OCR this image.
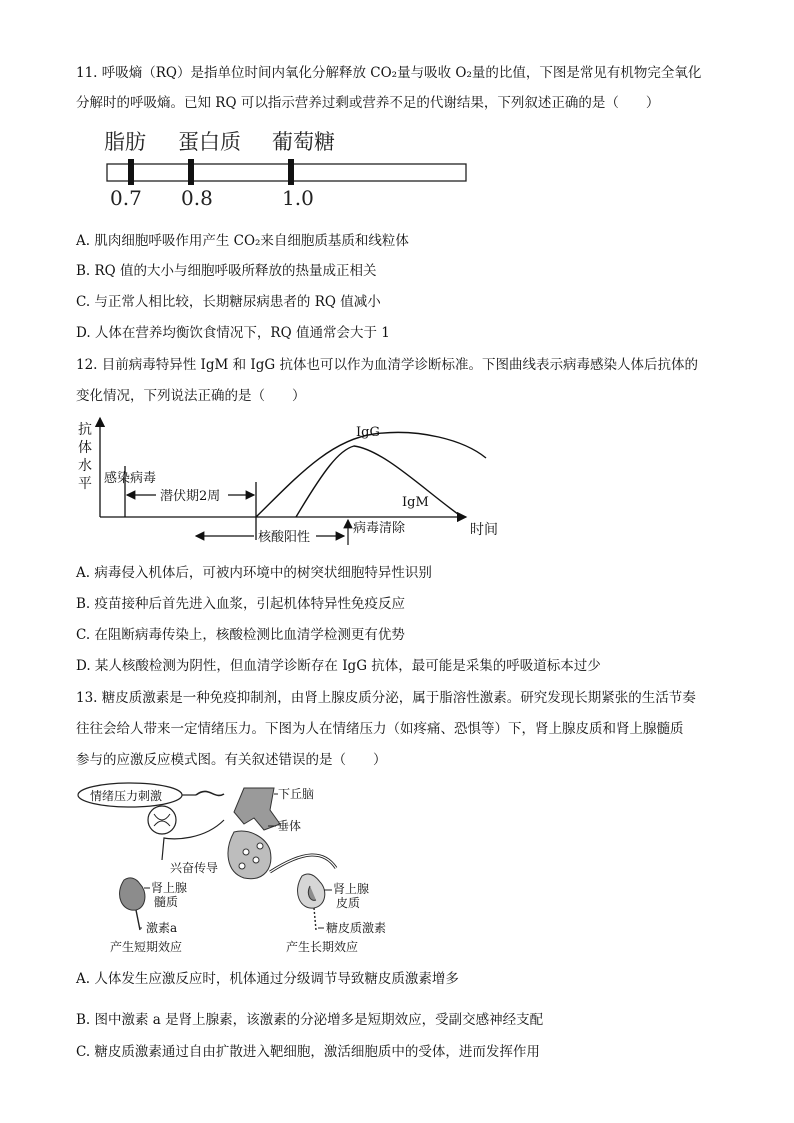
11. 呼吸熵（RQ）是指单位时间内氧化分解释放 CO₂量与吸收 O₂量的比值，下图是常见有机物完全氧化
分解时的呼吸熵。已知 RQ 可以指示营养过剩或营养不足的代谢结果，下列叙述正确的是（　　）
脂肪 蛋白质 葡萄糖
0.7 0.8	1.0
A. 肌肉细胞呼吸作用产生 CO₂来自细胞质基质和线粒体
B. RQ 值的大小与细胞呼吸所释放的热量成正相关
C. 与正常人相比较，长期糖尿病患者的 RQ 值减小
D. 人体在营养均衡饮食情况下，RQ 值通常会大于 1
12. 目前病毒特异性 IgM 和 IgG 抗体也可以作为血清学诊断标准。下图曲线表示病毒感染人体后抗体的
变化情况，下列说法正确的是（　　）
抗
体
水
平
时间
感染病毒
潜伏期2周
IgG
IgM
核酸阳性
病毒清除
A. 病毒侵入机体后，可被内环境中的树突状细胞特异性识别
B. 疫苗接种后首先进入血浆，引起机体特异性免疫反应
C. 在阻断病毒传染上，核酸检测比血清学检测更有优势
D. 某人核酸检测为阴性，但血清学诊断存在 IgG 抗体，最可能是采集的呼吸道标本过少
13. 糖皮质激素是一种免疫抑制剂，由肾上腺皮质分泌，属于脂溶性激素。研究发现长期紧张的生活节奏
往往会给人带来一定情绪压力。下图为人在情绪压力（如疼痛、恐惧等）下，肾上腺皮质和肾上腺髓质
参与的应激反应模式图。有关叙述错误的是（　　）
情绪压力刺激	下丘脑
垂体
兴奋传导
肾上腺
髓质
激素a
产生短期效应
肾上腺
皮质
糖皮质激素
产生长期效应
A. 人体发生应激反应时，机体通过分级调节导致糖皮质激素增多
B. 图中激素 a 是肾上腺素，该激素的分泌增多是短期效应，受副交感神经支配
C. 糖皮质激素通过自由扩散进入靶细胞，激活细胞质中的受体，进而发挥作用
